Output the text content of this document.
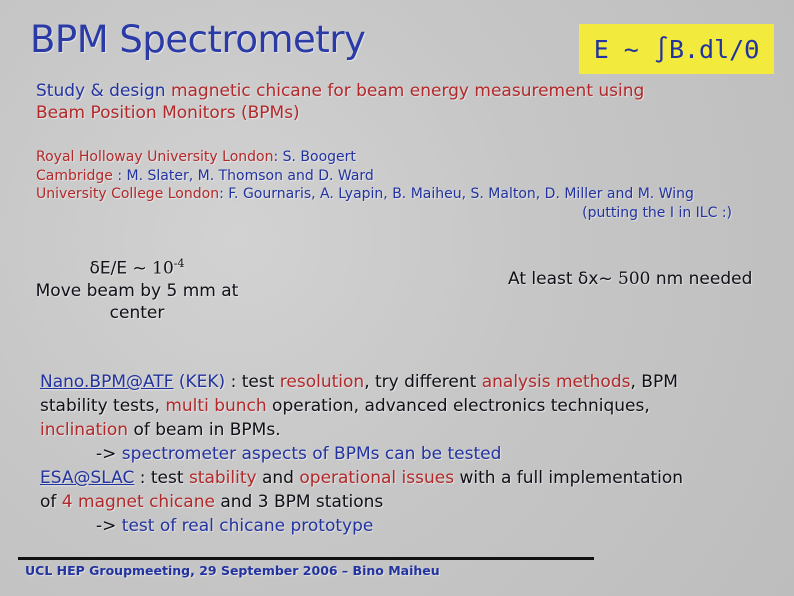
BPM Spectrometry	E ~ ∫B.dl/Θ
Study & design magnetic chicane for beam energy measurement using
Beam Position Monitors (BPMs)
Royal Holloway University London: S. Boogert
Cambridge : M. Slater, M. Thomson and D. Ward
University College London: F. Gournaris, A. Lyapin, B. Maiheu, S. Malton, D. Miller and M. Wing
(putting the I in ILC :)
δE/E ~ $10^{-4}$
Move beam by 5 mm at center
At least δx~ 500 nm needed
Nano.BPM@ATF (KEK) : test resolution, try different analysis methods, BPM
stability tests, multi bunch operation, advanced electronics techniques,
inclination of beam in BPMs.
-> spectrometer aspects of BPMs can be tested
ESA@SLAC : test stability and operational issues with a full implementation
of 4 magnet chicane and 3 BPM stations
-> test of real chicane prototype
UCL HEP Groupmeeting, 29 September 2006 – Bino Maiheu
